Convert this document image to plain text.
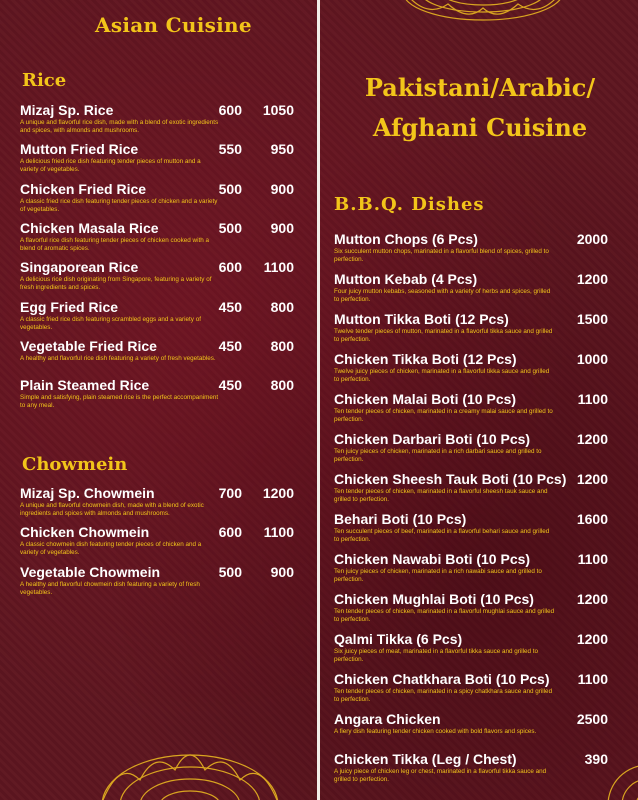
Asian Cuisine
Rice
Mizaj Sp. Rice
A unique and flavorful rice dish, made with a blend of exotic ingredients and spices, with almonds and mushrooms.
600	1050
Mutton Fried Rice
A delicious fried rice dish featuring tender pieces of mutton and a variety of vegetables.
550	950
Chicken Fried Rice
A classic fried rice dish featuring tender pieces of chicken and a variety of vegetables.
500	900
Chicken Masala Rice
A flavorful rice dish featuring tender pieces of chicken cooked with a blend of aromatic spices.
500	900
Singaporean Rice
A delicious rice dish originating from Singapore, featuring a variety of fresh ingredients and spices.
600	1100
Egg Fried Rice
A classic fried rice dish featuring scrambled eggs and a variety of vegetables.
450	800
Vegetable Fried Rice
A healthy and flavorful rice dish featuring a variety of fresh vegetables.
450	800
Plain Steamed Rice
Simple and satisfying, plain steamed rice is the perfect accompaniment to any meal.
450	800
Chowmein
Mizaj Sp. Chowmein
A unique and flavorful chowmein dish, made with a blend of exotic ingredients and spices with almonds and mushrooms.
700	1200
Chicken Chowmein
A classic chowmein dish featuring tender pieces of chicken and a variety of vegetables.
600	1100
Vegetable Chowmein
A healthy and flavorful chowmein dish featuring a variety of fresh vegetables.
500	900
Pakistani/Arabic/
Afghani Cuisine
B.B.Q. Dishes
Mutton Chops (6 Pcs)
Six succulent mutton chops, marinated in a flavorful blend of spices, grilled to perfection.
2000
Mutton Kebab (4 Pcs)
Four juicy mutton kebabs, seasoned with a variety of herbs and spices, grilled to perfection.
1200
Mutton Tikka Boti (12 Pcs)
Twelve tender pieces of mutton, marinated in a flavorful tikka sauce and grilled to perfection.
1500
Chicken Tikka Boti (12 Pcs)
Twelve juicy pieces of chicken, marinated in a flavorful tikka sauce and grilled to perfection.
1000
Chicken Malai Boti (10 Pcs)
Ten tender pieces of chicken, marinated in a creamy malai sauce and grilled to perfection.
1100
Chicken Darbari Boti (10 Pcs)
Ten juicy pieces of chicken, marinated in a rich darbari sauce and grilled to perfection.
1200
Chicken Sheesh Tauk Boti (10 Pcs)
Ten tender pieces of chicken, marinated in a flavorful sheesh tauk sauce and grilled to perfection.
1200
Behari Boti (10 Pcs)
Ten succulent pieces of beef, marinated in a flavorful behari sauce and grilled to perfection.
1600
Chicken Nawabi Boti (10 Pcs)
Ten juicy pieces of chicken, marinated in a rich nawabi sauce and grilled to perfection.
1100
Chicken Mughlai Boti (10 Pcs)
Ten tender pieces of chicken, marinated in a flavorful mughlai sauce and grilled to perfection.
1200
Qalmi Tikka (6 Pcs)
Six juicy pieces of meat, marinated in a flavorful tikka sauce and grilled to perfection.
1200
Chicken Chatkhara Boti (10 Pcs)
Ten tender pieces of chicken, marinated in a spicy chatkhara sauce and grilled to perfection.
1100
Angara Chicken
A fiery dish featuring tender chicken cooked with bold flavors and spices.
2500
Chicken Tikka (Leg / Chest)
A juicy piece of chicken leg or chest, marinated in a flavorful tikka sauce and grilled to perfection.
390
